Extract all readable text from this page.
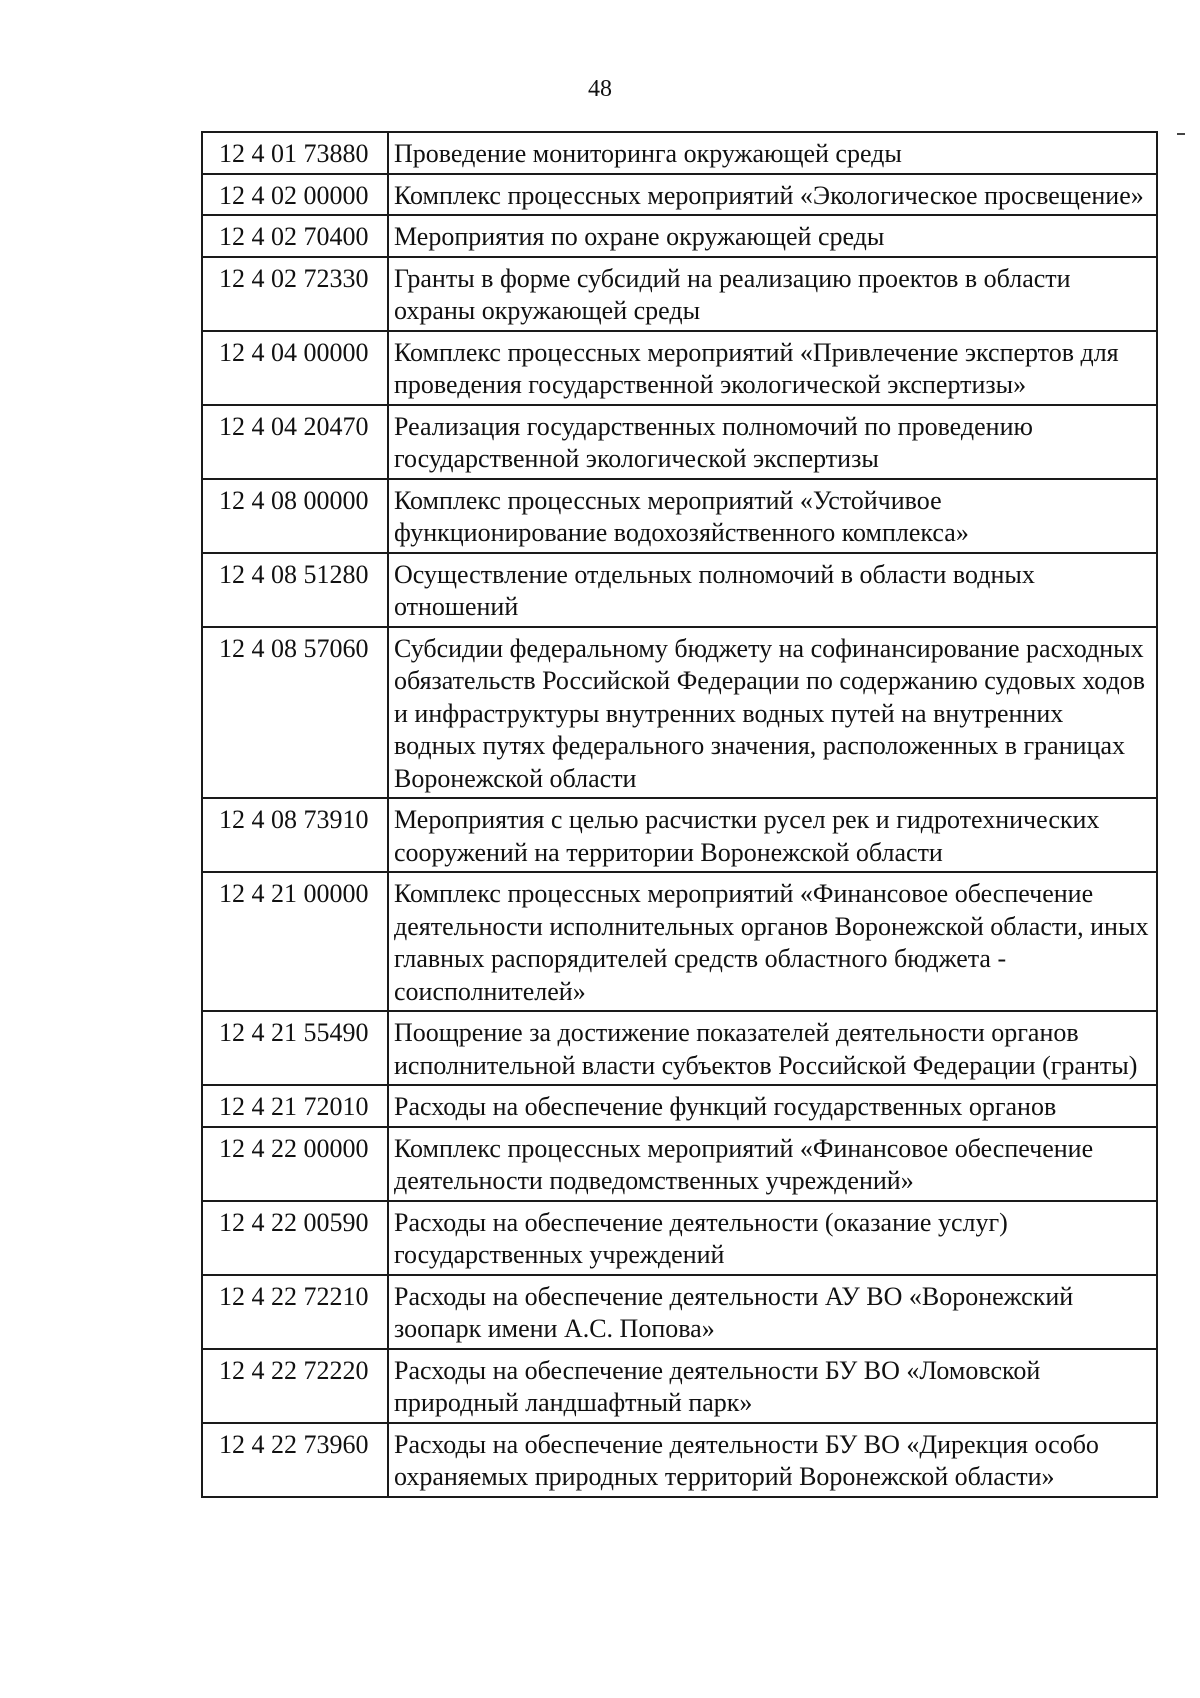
48
12 4 01 73880	Проведение мониторинга окружающей среды
12 4 02 00000	Комплекс процессных мероприятий «Экологическое просвещение»
12 4 02 70400	Мероприятия по охране окружающей среды
12 4 02 72330	Гранты в форме субсидий на реализацию проектов в области охраны окружающей среды
12 4 04 00000	Комплекс процессных мероприятий «Привлечение экспертов для проведения государственной экологической экспертизы»
12 4 04 20470	Реализация государственных полномочий по проведению государственной экологической экспертизы
12 4 08 00000	Комплекс процессных мероприятий «Устойчивое функционирование водохозяйственного комплекса»
12 4 08 51280	Осуществление отдельных полномочий в области водных отношений
12 4 08 57060	Субсидии федеральному бюджету на софинансирование расходных обязательств Российской Федерации по содержанию судовых ходов и инфраструктуры внутренних водных путей на внутренних водных путях федерального значения, расположенных в границах Воронежской области
12 4 08 73910	Мероприятия с целью расчистки русел рек и гидротехнических сооружений на территории Воронежской области
12 4 21 00000	Комплекс процессных мероприятий «Финансовое обеспечение деятельности исполнительных органов Воронежской области, иных главных распорядителей средств областного бюджета - соисполнителей»
12 4 21 55490	Поощрение за достижение показателей деятельности органов исполнительной власти субъектов Российской Федерации (гранты)
12 4 21 72010	Расходы на обеспечение функций государственных органов
12 4 22 00000	Комплекс процессных мероприятий «Финансовое обеспечение деятельности подведомственных учреждений»
12 4 22 00590	Расходы на обеспечение деятельности (оказание услуг) государственных учреждений
12 4 22 72210	Расходы на обеспечение деятельности АУ ВО «Воронежский зоопарк имени А.С. Попова»
12 4 22 72220	Расходы на обеспечение деятельности БУ ВО «Ломовской природный ландшафтный парк»
12 4 22 73960	Расходы на обеспечение деятельности БУ ВО «Дирекция особо охраняемых природных территорий Воронежской области»
